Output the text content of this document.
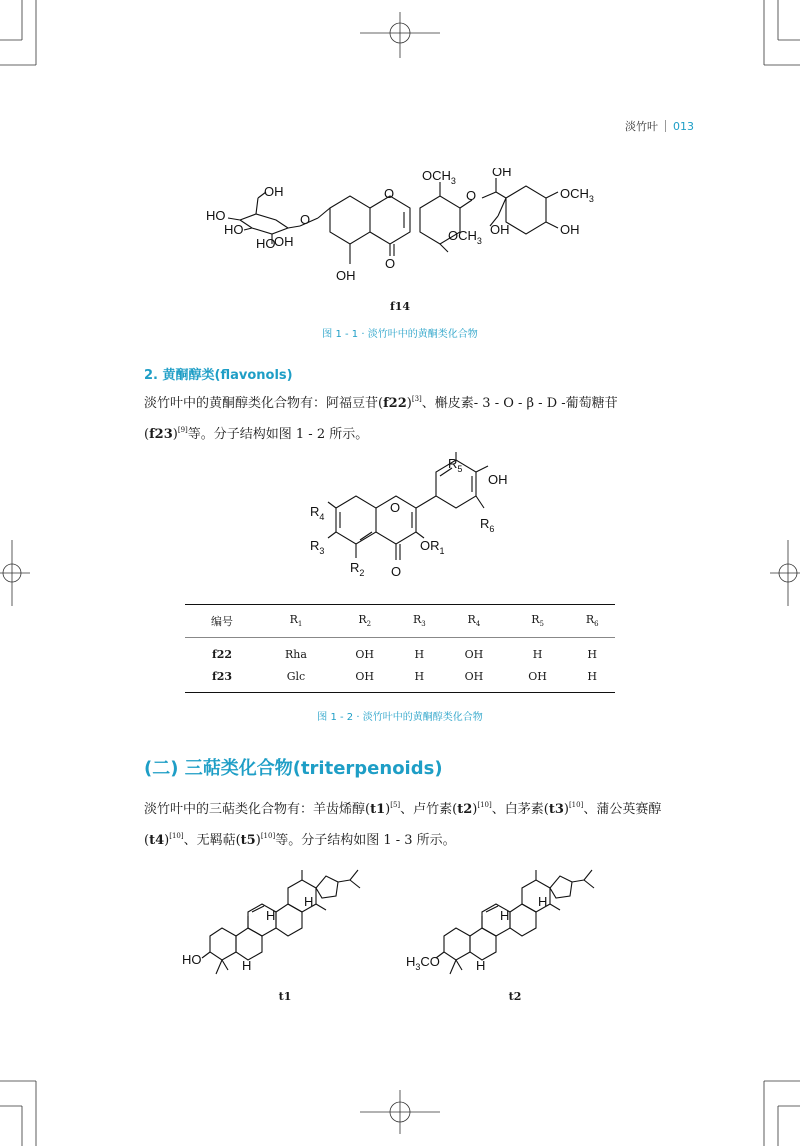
淡竹叶 013
OH
HO
HO
HO
OH
O
O
$OCH_3$
OH
O
$OCH_3$
OH
$OCH_3$
OH
OH
O
f14
图 1 - 1 · 淡竹叶中的黄酮类化合物
2. 黄酮醇类(flavonols)

淡竹叶中的黄酮醇类化合物有：阿福豆苷(f22)[3]、槲皮素- 3 - O - β - D -葡萄糖苷

(f23)[9]等。分子结构如图 1 - 2 所示。

$R_5$
OH
$R_4$	$R_6$
O
$R_3$	$OR_1$
$R_2$ O
编号	$R_1$	$R_2$	$R_3$	$R_4$	$R_5$	$R_6$
f22	Rha	OH	H	OH	H	H
f23	Glc	OH	H	OH	OH	H
图 1 - 2 · 淡竹叶中的黄酮醇类化合物
(二) 三萜类化合物(triterpenoids)

淡竹叶中的三萜类化合物有：羊齿烯醇(t1)[5]、卢竹素(t2)[10]、白茅素(t3)[10]、蒲公英赛醇

(t4)[10]、无羁萜(t5)[10]等。分子结构如图 1 - 3 所示。

HO
H
H
H	$H_3CO$
H
H
H
t1	t2
